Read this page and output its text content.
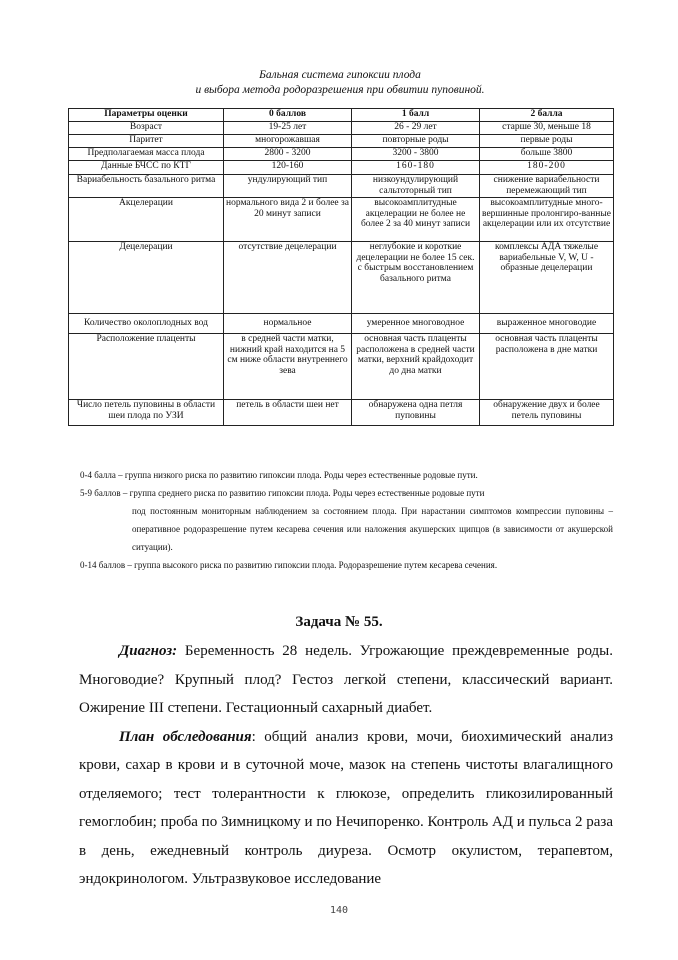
Бальная система гипоксии плода
и выбора метода родоразрешения при обвитии пуповиной.
Параметры оценки	0 баллов	1 балл	2 балла
Возраст	19-25 лет	26 - 29 лет	старше 30, меньше 18
Паритет	многорожавшая	повторные роды	первые роды
Предполагаемая масса плода	2800 - 3200	3200 - 3800	больше 3800
Данные БЧСС по КТГ	120-160	160-180	180-200
Вариабельность базального ритма	ундулирующий тип	низкоундулирующий сальтоторный тип	снижение вариабельности перемежающий тип
Акцелерации	нормального вида 2 и более за 20 минут записи	высокоамплитудные акцелерации не более не более 2 за 40 минут записи	высокоамплитудные много-вершинные пролонгиро-ванные акцелерации или их отсутствие
Децелерации	отсутствие децелерации	неглубокие и короткие децелерации не более 15 сек. с быстрым восстановлением базального ритма	комплексы АДА тяжелые вариабельные V, W, U - образные децелерации
Количество околоплодных вод	нормальное	умеренное многоводное	выраженное многоводие
Расположение плаценты	в средней части матки, нижний край находится на 5 см ниже области внутреннего зева	основная часть плаценты расположена в средней части матки, верхний крайдоходит до дна матки	основная часть плаценты расположена в дне матки
Число петель пуповины в области шеи плода по УЗИ	петель в области шеи нет	обнаружена одна петля пуповины	обнаружение двух и более петель пуповины

0-4 балла – группа низкого риска по развитию гипоксии плода. Роды через естественные родовые пути.

5-9 баллов – группа среднего риска по развитию гипоксии плода. Роды через естественные родовые пути

под постоянным мониторным наблюдением за состоянием плода. При нарастании симптомов компрессии пуповины – оперативное родоразрешение путем кесарева сечения или наложения акушерских щипцов (в зависимости от акушерской ситуации).

0-14 баллов – группа высокого риска по развитию гипоксии плода. Родоразрешение путем кесарева сечения.

Задача № 55.

Диагноз: Беременность 28 недель. Угрожающие преждевременные роды. Многоводие? Крупный плод? Гестоз легкой степени, классический вариант. Ожирение III степени. Гестационный сахарный диабет.

План обследования: общий анализ крови, мочи, биохимический анализ крови, сахар в крови и в суточной моче, мазок на степень чистоты влагалищного отделяемого; тест толерантности к глюкозе, определить гликозилированный гемоглобин; проба по Зимницкому и по Нечипоренко. Контроль АД и пульса 2 раза в день, ежедневный контроль диуреза. Осмотр окулистом, терапевтом, эндокринологом. Ультразвуковое исследование

140
